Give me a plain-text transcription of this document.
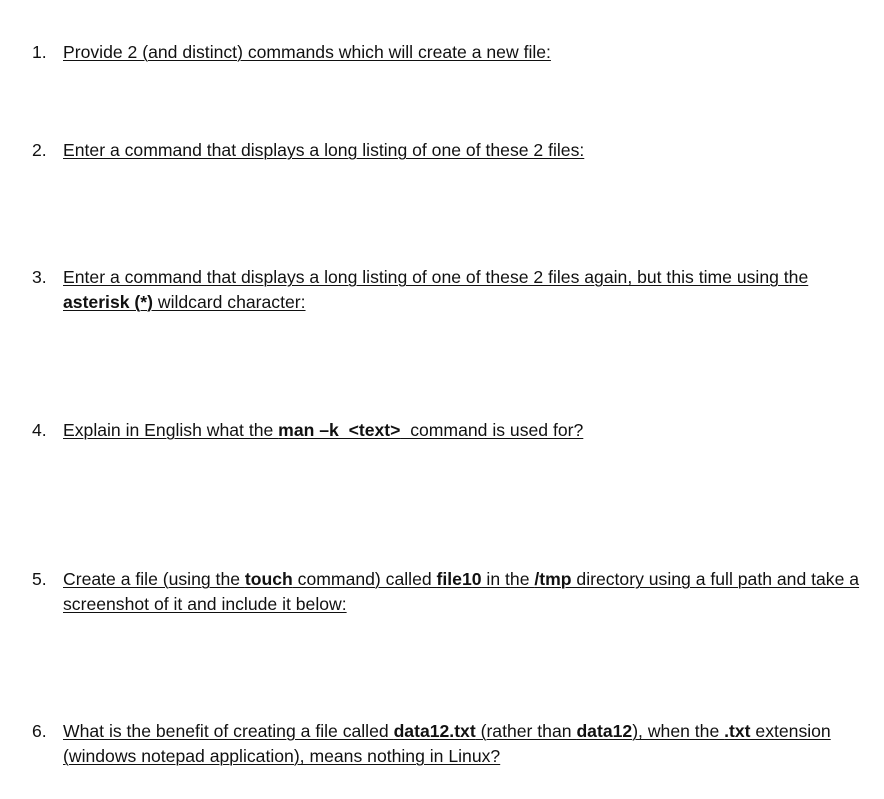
1. Provide 2 (and distinct) commands which will create a new file:
2. Enter a command that displays a long listing of one of these 2 files:
3. Enter a command that displays a long listing of one of these 2 files again, but this time using the asterisk (*) wildcard character:
4. Explain in English what the man –k  <text>  command is used for?
5. Create a file (using the touch command) called file10 in the /tmp directory using a full path and take a screenshot of it and include it below:
6. What is the benefit of creating a file called data12.txt (rather than data12), when the .txt extension (windows notepad application), means nothing in Linux?
